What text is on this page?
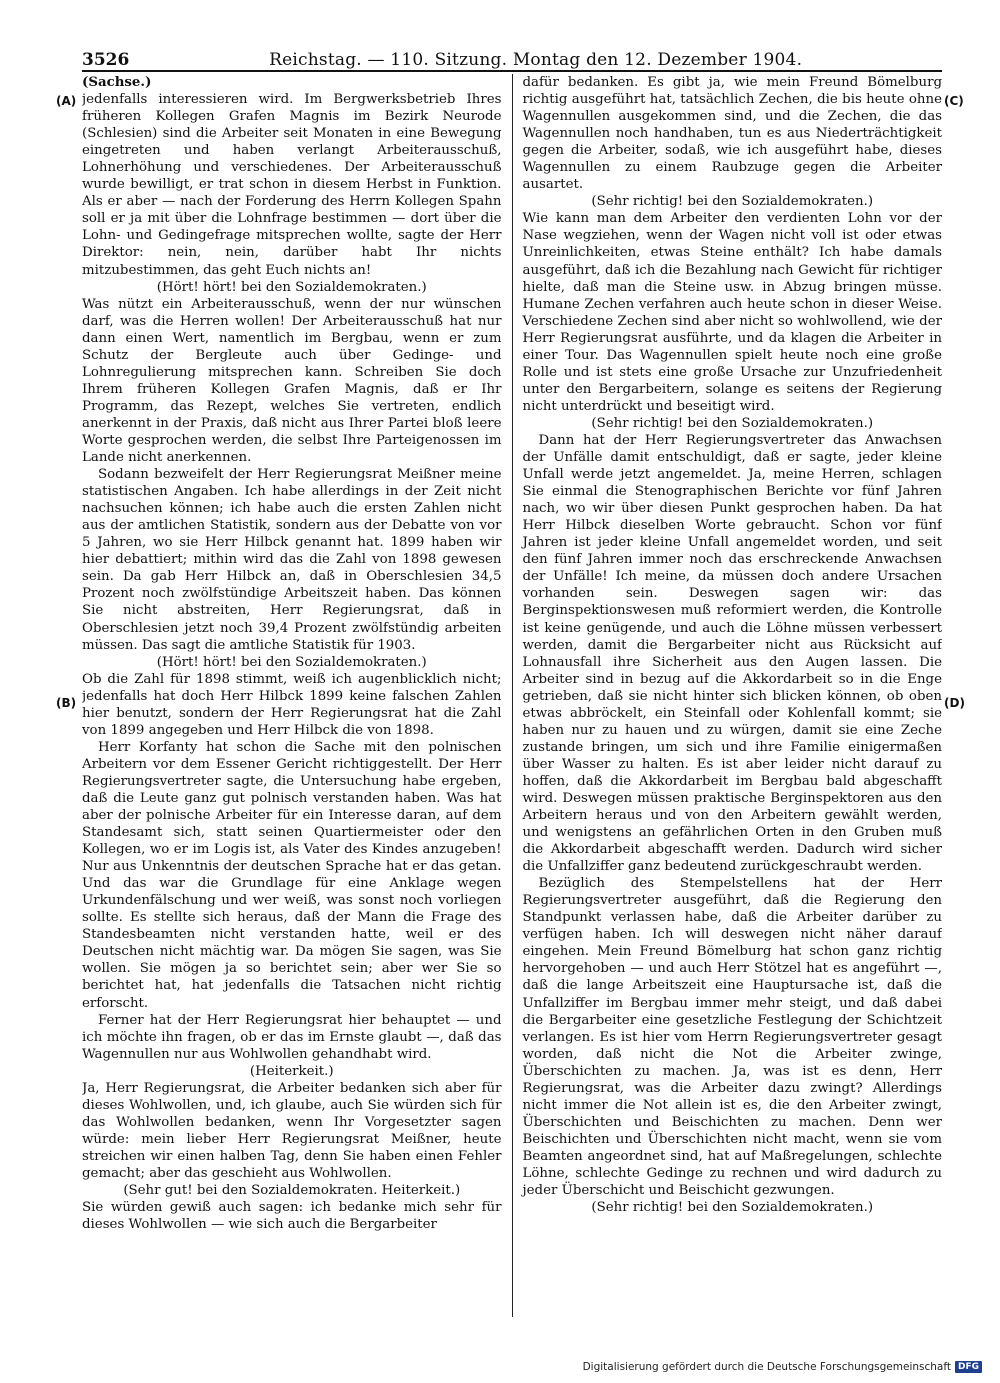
3526	Reichstag. — 110. Sitzung. Montag den 12. Dezember 1904.
(A)
(B)
(C)
(D)

(Sachse.)

jedenfalls interessieren wird. Im Bergwerksbetrieb Ihres früheren Kollegen Grafen Magnis im Bezirk Neurode (Schlesien) sind die Arbeiter seit Monaten in eine Bewegung eingetreten und haben verlangt Arbeiterausschuß, Lohnerhöhung und verschiedenes. Der Arbeiterausschuß wurde bewilligt, er trat schon in diesem Herbst in Funktion. Als er aber — nach der Forderung des Herrn Kollegen Spahn soll er ja mit über die Lohnfrage bestimmen — dort über die Lohn- und Gedingefrage mitsprechen wollte, sagte der Herr Direktor: nein, nein, darüber habt Ihr nichts mitzubestimmen, das geht Euch nichts an!

(Hört! hört! bei den Sozialdemokraten.)

Was nützt ein Arbeiterausschuß, wenn der nur wünschen darf, was die Herren wollen! Der Arbeiterausschuß hat nur dann einen Wert, namentlich im Bergbau, wenn er zum Schutz der Bergleute auch über Gedinge- und Lohnregulierung mitsprechen kann. Schreiben Sie doch Ihrem früheren Kollegen Grafen Magnis, daß er Ihr Programm, das Rezept, welches Sie vertreten, endlich anerkennt in der Praxis, daß nicht aus Ihrer Partei bloß leere Worte gesprochen werden, die selbst Ihre Parteigenossen im Lande nicht anerkennen.

Sodann bezweifelt der Herr Regierungsrat Meißner meine statistischen Angaben. Ich habe allerdings in der Zeit nicht nachsuchen können; ich habe auch die ersten Zahlen nicht aus der amtlichen Statistik, sondern aus der Debatte von vor 5 Jahren, wo sie Herr Hilbck genannt hat. 1899 haben wir hier debattiert; mithin wird das die Zahl von 1898 gewesen sein. Da gab Herr Hilbck an, daß in Oberschlesien 34,5 Prozent noch zwölfstündige Arbeitszeit haben. Das können Sie nicht abstreiten, Herr Regierungsrat, daß in Oberschlesien jetzt noch 39,4 Prozent zwölfstündig arbeiten müssen. Das sagt die amtliche Statistik für 1903.

(Hört! hört! bei den Sozialdemokraten.)

Ob die Zahl für 1898 stimmt, weiß ich augenblicklich nicht; jedenfalls hat doch Herr Hilbck 1899 keine falschen Zahlen hier benutzt, sondern der Herr Regierungsrat hat die Zahl von 1899 angegeben und Herr Hilbck die von 1898.

Herr Korfanty hat schon die Sache mit den polnischen Arbeitern vor dem Essener Gericht richtiggestellt. Der Herr Regierungsvertreter sagte, die Untersuchung habe ergeben, daß die Leute ganz gut polnisch verstanden haben. Was hat aber der polnische Arbeiter für ein Interesse daran, auf dem Standesamt sich, statt seinen Quartiermeister oder den Kollegen, wo er im Logis ist, als Vater des Kindes anzugeben! Nur aus Unkenntnis der deutschen Sprache hat er das getan. Und das war die Grundlage für eine Anklage wegen Urkundenfälschung und wer weiß, was sonst noch vorliegen sollte. Es stellte sich heraus, daß der Mann die Frage des Standesbeamten nicht verstanden hatte, weil er des Deutschen nicht mächtig war. Da mögen Sie sagen, was Sie wollen. Sie mögen ja so berichtet sein; aber wer Sie so berichtet hat, hat jedenfalls die Tatsachen nicht richtig erforscht.

Ferner hat der Herr Regierungsrat hier behauptet — und ich möchte ihn fragen, ob er das im Ernste glaubt —, daß das Wagennullen nur aus Wohlwollen gehandhabt wird.

(Heiterkeit.)

Ja, Herr Regierungsrat, die Arbeiter bedanken sich aber für dieses Wohlwollen, und, ich glaube, auch Sie würden sich für das Wohlwollen bedanken, wenn Ihr Vorgesetzter sagen würde: mein lieber Herr Regierungsrat Meißner, heute streichen wir einen halben Tag, denn Sie haben einen Fehler gemacht; aber das geschieht aus Wohlwollen.

(Sehr gut! bei den Sozialdemokraten. Heiterkeit.)

Sie würden gewiß auch sagen: ich bedanke mich sehr für dieses Wohlwollen — wie sich auch die Bergarbeiter

dafür bedanken. Es gibt ja, wie mein Freund Bömelburg richtig ausgeführt hat, tatsächlich Zechen, die bis heute ohne Wagennullen ausgekommen sind, und die Zechen, die das Wagennullen noch handhaben, tun es aus Niederträchtigkeit gegen die Arbeiter, sodaß, wie ich ausgeführt habe, dieses Wagennullen zu einem Raubzuge gegen die Arbeiter ausartet.

(Sehr richtig! bei den Sozialdemokraten.)

Wie kann man dem Arbeiter den verdienten Lohn vor der Nase wegziehen, wenn der Wagen nicht voll ist oder etwas Unreinlichkeiten, etwas Steine enthält? Ich habe damals ausgeführt, daß ich die Bezahlung nach Gewicht für richtiger hielte, daß man die Steine usw. in Abzug bringen müsse. Humane Zechen verfahren auch heute schon in dieser Weise. Verschiedene Zechen sind aber nicht so wohlwollend, wie der Herr Regierungsrat ausführte, und da klagen die Arbeiter in einer Tour. Das Wagennullen spielt heute noch eine große Rolle und ist stets eine große Ursache zur Unzufriedenheit unter den Bergarbeitern, solange es seitens der Regierung nicht unterdrückt und beseitigt wird.

(Sehr richtig! bei den Sozialdemokraten.)

Dann hat der Herr Regierungsvertreter das Anwachsen der Unfälle damit entschuldigt, daß er sagte, jeder kleine Unfall werde jetzt angemeldet. Ja, meine Herren, schlagen Sie einmal die Stenographischen Berichte vor fünf Jahren nach, wo wir über diesen Punkt gesprochen haben. Da hat Herr Hilbck dieselben Worte gebraucht. Schon vor fünf Jahren ist jeder kleine Unfall angemeldet worden, und seit den fünf Jahren immer noch das erschreckende Anwachsen der Unfälle! Ich meine, da müssen doch andere Ursachen vorhanden sein. Deswegen sagen wir: das Berginspektionswesen muß reformiert werden, die Kontrolle ist keine genügende, und auch die Löhne müssen verbessert werden, damit die Bergarbeiter nicht aus Rücksicht auf Lohnausfall ihre Sicherheit aus den Augen lassen. Die Arbeiter sind in bezug auf die Akkordarbeit so in die Enge getrieben, daß sie nicht hinter sich blicken können, ob oben etwas abbröckelt, ein Steinfall oder Kohlenfall kommt; sie haben nur zu hauen und zu würgen, damit sie eine Zeche zustande bringen, um sich und ihre Familie einigermaßen über Wasser zu halten. Es ist aber leider nicht darauf zu hoffen, daß die Akkordarbeit im Bergbau bald abgeschafft wird. Deswegen müssen praktische Berginspektoren aus den Arbeitern heraus und von den Arbeitern gewählt werden, und wenigstens an gefährlichen Orten in den Gruben muß die Akkordarbeit abgeschafft werden. Dadurch wird sicher die Unfallziffer ganz bedeutend zurückgeschraubt werden.

Bezüglich des Stempelstellens hat der Herr Regierungsvertreter ausgeführt, daß die Regierung den Standpunkt verlassen habe, daß die Arbeiter darüber zu verfügen haben. Ich will deswegen nicht näher darauf eingehen. Mein Freund Bömelburg hat schon ganz richtig hervorgehoben — und auch Herr Stötzel hat es angeführt —, daß die lange Arbeitszeit eine Hauptursache ist, daß die Unfallziffer im Bergbau immer mehr steigt, und daß dabei die Bergarbeiter eine gesetzliche Festlegung der Schichtzeit verlangen. Es ist hier vom Herrn Regierungsvertreter gesagt worden, daß nicht die Not die Arbeiter zwinge, Überschichten zu machen. Ja, was ist es denn, Herr Regierungsrat, was die Arbeiter dazu zwingt? Allerdings nicht immer die Not allein ist es, die den Arbeiter zwingt, Überschichten und Beischichten zu machen. Denn wer Beischichten und Überschichten nicht macht, wenn sie vom Beamten angeordnet sind, hat auf Maßregelungen, schlechte Löhne, schlechte Gedinge zu rechnen und wird dadurch zu jeder Überschicht und Beischicht gezwungen.

(Sehr richtig! bei den Sozialdemokraten.)

Digitalisierung gefördert durch die Deutsche Forschungsgemeinschaft DFG
